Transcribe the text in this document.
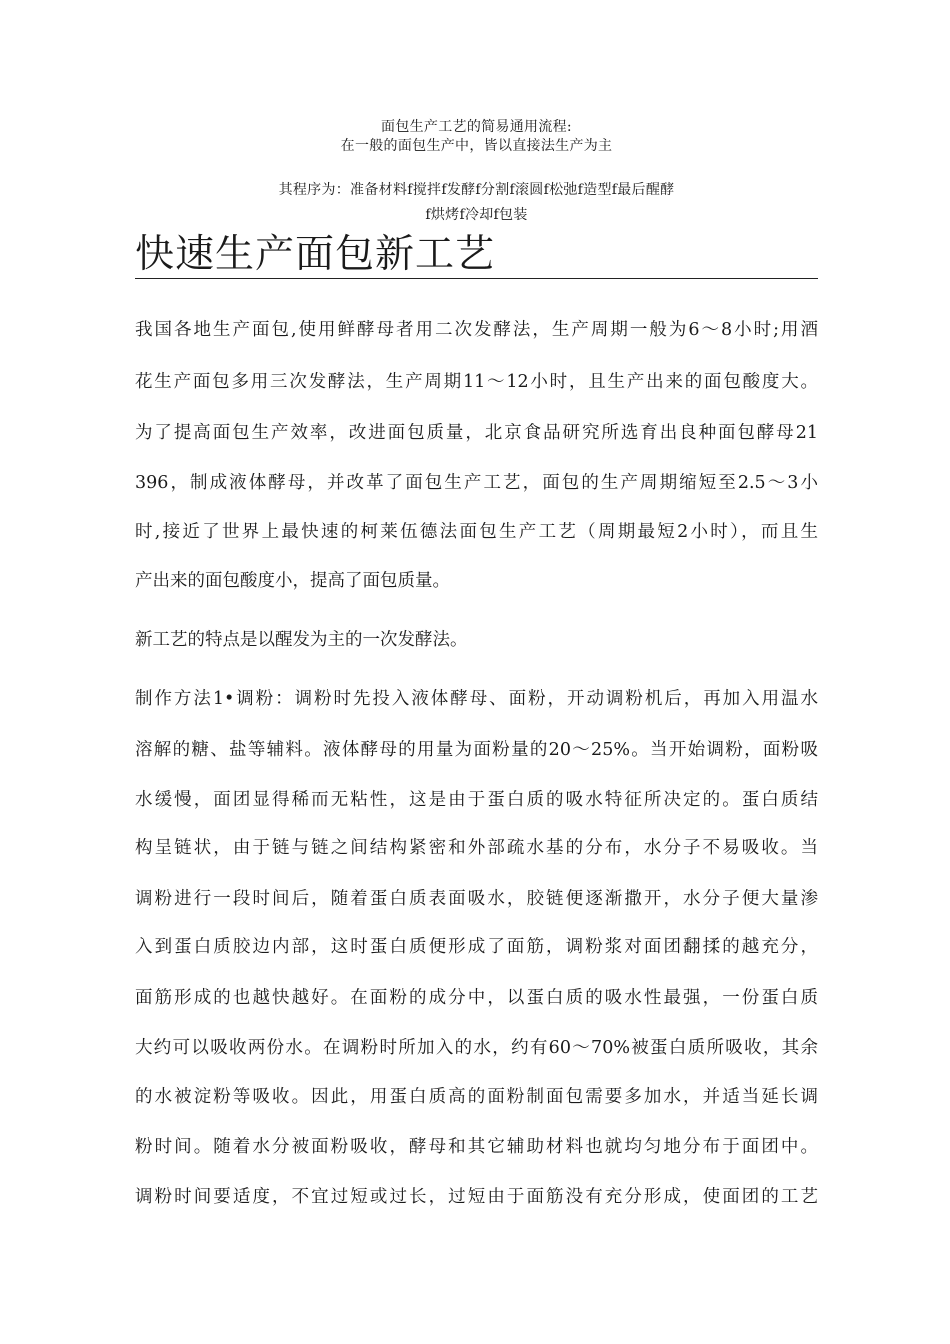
面包生产工艺的简易通用流程:
在一般的面包生产中，皆以直接法生产为主
其程序为：准备材料f搅拌f发酵f分割f滚圆f松弛f造型f最后醒酵
f烘烤f冷却f包装
快速生产面包新工艺
我国各地生产面包,使用鲜酵母者用二次发酵法，生产周期一般为6〜8小时;用酒
花生产面包多用三次发酵法，生产周期11〜12小时，且生产出来的面包酸度大。
为了提高面包生产效率，改进面包质量，北京食品研究所选育出良种面包酵母21
396，制成液体酵母，并改革了面包生产工艺，面包的生产周期缩短至2.5〜3小
时,接近了世界上最快速的柯莱伍德法面包生产工艺（周期最短2小时），而且生
产出来的面包酸度小，提高了面包质量。
新工艺的特点是以醒发为主的一次发酵法。
制作方法1•调粉：调粉时先投入液体酵母、面粉，开动调粉机后，再加入用温水
溶解的糖、盐等辅料。液体酵母的用量为面粉量的20〜25%。当开始调粉，面粉吸
水缓慢，面团显得稀而无粘性，这是由于蛋白质的吸水特征所决定的。蛋白质结
构呈链状，由于链与链之间结构紧密和外部疏水基的分布，水分子不易吸收。当
调粉进行一段时间后，随着蛋白质表面吸水，胶链便逐渐撒开，水分子便大量渗
入到蛋白质胶边内部，这时蛋白质便形成了面筋，调粉浆对面团翻揉的越充分，
面筋形成的也越快越好。在面粉的成分中，以蛋白质的吸水性最强，一份蛋白质
大约可以吸收两份水。在调粉时所加入的水，约有60〜70%被蛋白质所吸收，其余
的水被淀粉等吸收。因此，用蛋白质高的面粉制面包需要多加水，并适当延长调
粉时间。随着水分被面粉吸收，酵母和其它辅助材料也就均匀地分布于面团中。
调粉时间要适度，不宜过短或过长，过短由于面筋没有充分形成，使面团的工艺
